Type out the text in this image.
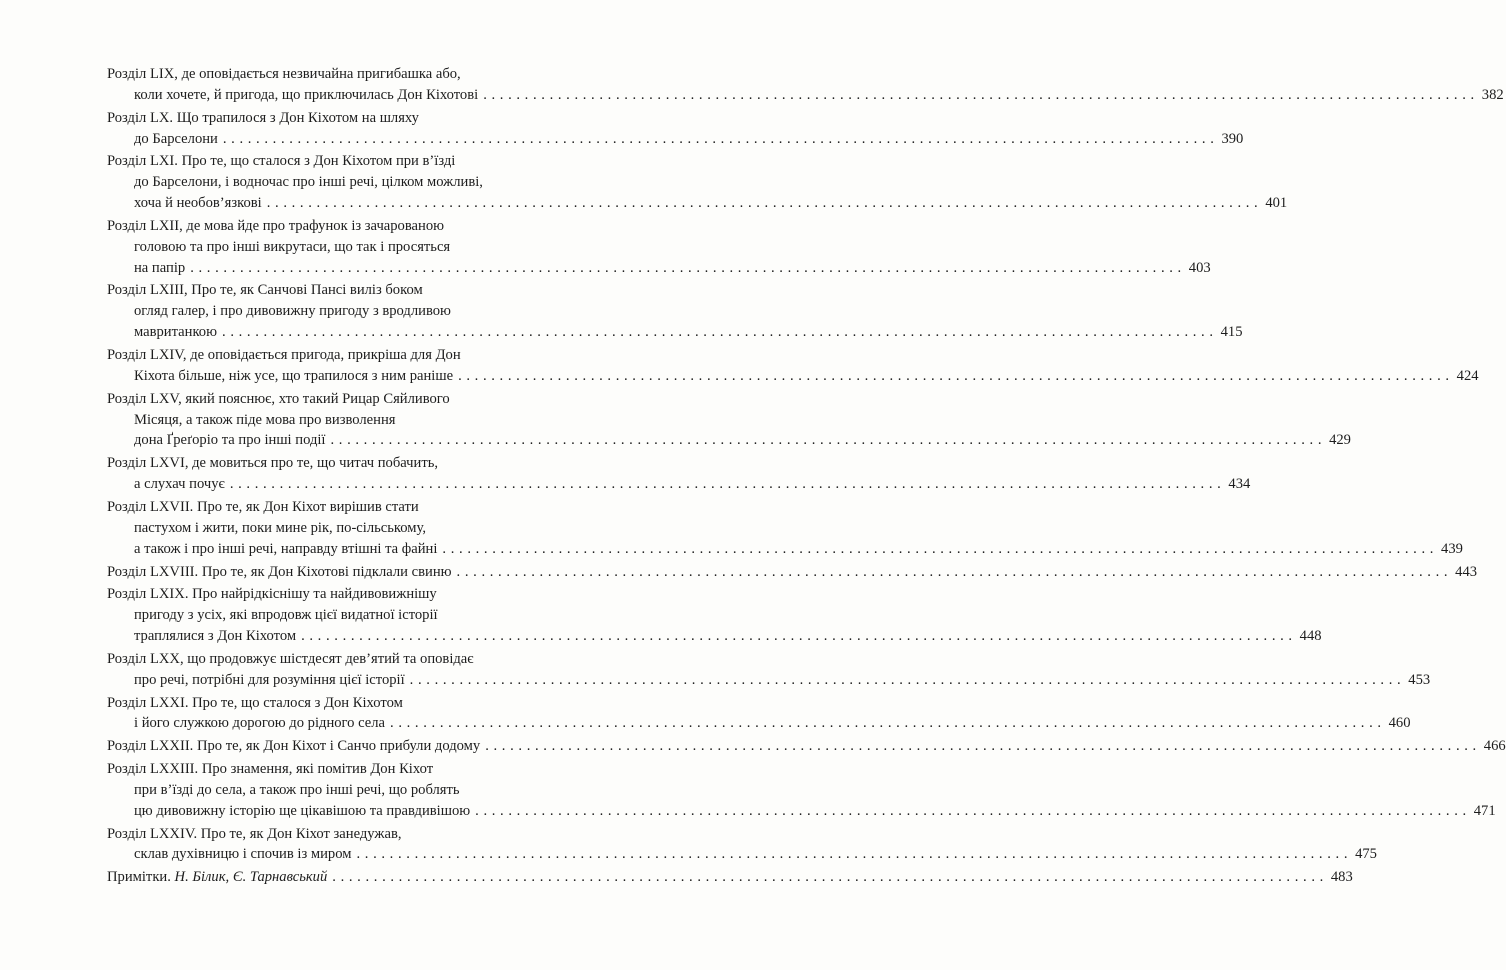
Розділ LIX, де оповідається незвичайна пригибашка або,
коли хочете, й пригода, що приключилась Дон Кіхотові . . . . . . . . . . . . . . . . . . . . . . . . . . . . . . . . . . . . . . . . . . . . . . . . . . . . . . . . . . . . . . . . . . . . . . . . . . . . . . . . . . . . . . . . . . . . . . . . . . . . . . . . . . . . . . . . . . . . . . . . 382
Розділ LX. Що трапилося з Дон Кіхотом на шляху
до Барселони . . . . . . . . . . . . . . . . . . . . . . . . . . . . . . . . . . . . . . . . . . . . . . . . . . . . . . . . . . . . . . . . . . . . . . . . . . . . . . . . . . . . . . . . . . . . . . . . . . . . . . . . . . . . . . . . . . . . . . . . 390
Розділ LXI. Про те, що сталося з Дон Кіхотом при в’їзді
до Барселони, і водночас про інші речі, цілком можливі,
хоча й необов’язкові . . . . . . . . . . . . . . . . . . . . . . . . . . . . . . . . . . . . . . . . . . . . . . . . . . . . . . . . . . . . . . . . . . . . . . . . . . . . . . . . . . . . . . . . . . . . . . . . . . . . . . . . . . . . . . . . . . . . . . . . 401
Розділ LXII, де мова йде про трафунок із зачарованою
головою та про інші викрутаси, що так і просяться
на папір . . . . . . . . . . . . . . . . . . . . . . . . . . . . . . . . . . . . . . . . . . . . . . . . . . . . . . . . . . . . . . . . . . . . . . . . . . . . . . . . . . . . . . . . . . . . . . . . . . . . . . . . . . . . . . . . . . . . . . . . 403
Розділ LXIII, Про те, як Санчові Пансі виліз боком
огляд галер, і про дивовижну пригоду з вродливою
мавританкою . . . . . . . . . . . . . . . . . . . . . . . . . . . . . . . . . . . . . . . . . . . . . . . . . . . . . . . . . . . . . . . . . . . . . . . . . . . . . . . . . . . . . . . . . . . . . . . . . . . . . . . . . . . . . . . . . . . . . . . . 415
Розділ LXIV, де оповідається пригода, прикріша для Дон
Кіхота більше, ніж усе, що трапилося з ним раніше . . . . . . . . . . . . . . . . . . . . . . . . . . . . . . . . . . . . . . . . . . . . . . . . . . . . . . . . . . . . . . . . . . . . . . . . . . . . . . . . . . . . . . . . . . . . . . . . . . . . . . . . . . . . . . . . . . . . . . . . 424
Розділ LXV, який пояснює, хто такий Рицар Сяйливого
Місяця, а також піде мова про визволення
дона Ґреґоріо та про інші події . . . . . . . . . . . . . . . . . . . . . . . . . . . . . . . . . . . . . . . . . . . . . . . . . . . . . . . . . . . . . . . . . . . . . . . . . . . . . . . . . . . . . . . . . . . . . . . . . . . . . . . . . . . . . . . . . . . . . . . . 429
Розділ LXVI, де мовиться про те, що читач побачить,
а слухач почує . . . . . . . . . . . . . . . . . . . . . . . . . . . . . . . . . . . . . . . . . . . . . . . . . . . . . . . . . . . . . . . . . . . . . . . . . . . . . . . . . . . . . . . . . . . . . . . . . . . . . . . . . . . . . . . . . . . . . . . . 434
Розділ LXVII. Про те, як Дон Кіхот вирішив стати
пастухом і жити, поки мине рік, по-сільському,
а також і про інші речі, направду втішні та файні . . . . . . . . . . . . . . . . . . . . . . . . . . . . . . . . . . . . . . . . . . . . . . . . . . . . . . . . . . . . . . . . . . . . . . . . . . . . . . . . . . . . . . . . . . . . . . . . . . . . . . . . . . . . . . . . . . . . . . . . 439
Розділ LXVIII. Про те, як Дон Кіхотові підклали свиню . . . . . . . . . . . . . . . . . . . . . . . . . . . . . . . . . . . . . . . . . . . . . . . . . . . . . . . . . . . . . . . . . . . . . . . . . . . . . . . . . . . . . . . . . . . . . . . . . . . . . . . . . . . . . . . . . . . . . . . . 443
Розділ LXIX. Про найрідкіснішу та найдивовижнішу
пригоду з усіх, які впродовж цієї видатної історії
траплялися з Дон Кіхотом . . . . . . . . . . . . . . . . . . . . . . . . . . . . . . . . . . . . . . . . . . . . . . . . . . . . . . . . . . . . . . . . . . . . . . . . . . . . . . . . . . . . . . . . . . . . . . . . . . . . . . . . . . . . . . . . . . . . . . . . 448
Розділ LXX, що продовжує шістдесят дев’ятий та оповідає
про речі, потрібні для розуміння цієї історії . . . . . . . . . . . . . . . . . . . . . . . . . . . . . . . . . . . . . . . . . . . . . . . . . . . . . . . . . . . . . . . . . . . . . . . . . . . . . . . . . . . . . . . . . . . . . . . . . . . . . . . . . . . . . . . . . . . . . . . . 453
Розділ LXXI. Про те, що сталося з Дон Кіхотом
і його служкою дорогою до рідного села . . . . . . . . . . . . . . . . . . . . . . . . . . . . . . . . . . . . . . . . . . . . . . . . . . . . . . . . . . . . . . . . . . . . . . . . . . . . . . . . . . . . . . . . . . . . . . . . . . . . . . . . . . . . . . . . . . . . . . . . 460
Розділ LXXII. Про те, як Дон Кіхот і Санчо прибули додому . . . . . . . . . . . . . . . . . . . . . . . . . . . . . . . . . . . . . . . . . . . . . . . . . . . . . . . . . . . . . . . . . . . . . . . . . . . . . . . . . . . . . . . . . . . . . . . . . . . . . . . . . . . . . . . . . . . . . . . . 466
Розділ LXXIII. Про знамення, які помітив Дон Кіхот
при в’їзді до села, а також про інші речі, що роблять
цю дивовижну історію ще цікавішою та правдивішою . . . . . . . . . . . . . . . . . . . . . . . . . . . . . . . . . . . . . . . . . . . . . . . . . . . . . . . . . . . . . . . . . . . . . . . . . . . . . . . . . . . . . . . . . . . . . . . . . . . . . . . . . . . . . . . . . . . . . . . . 471
Розділ LXXIV. Про те, як Дон Кіхот занедужав,
склав духівницю і спочив із миром . . . . . . . . . . . . . . . . . . . . . . . . . . . . . . . . . . . . . . . . . . . . . . . . . . . . . . . . . . . . . . . . . . . . . . . . . . . . . . . . . . . . . . . . . . . . . . . . . . . . . . . . . . . . . . . . . . . . . . . . 475
Примітки. Н. Білик, Є. Тарнавський . . . . . . . . . . . . . . . . . . . . . . . . . . . . . . . . . . . . . . . . . . . . . . . . . . . . . . . . . . . . . . . . . . . . . . . . . . . . . . . . . . . . . . . . . . . . . . . . . . . . . . . . . . . . . . . . . . . . . . . . 483
